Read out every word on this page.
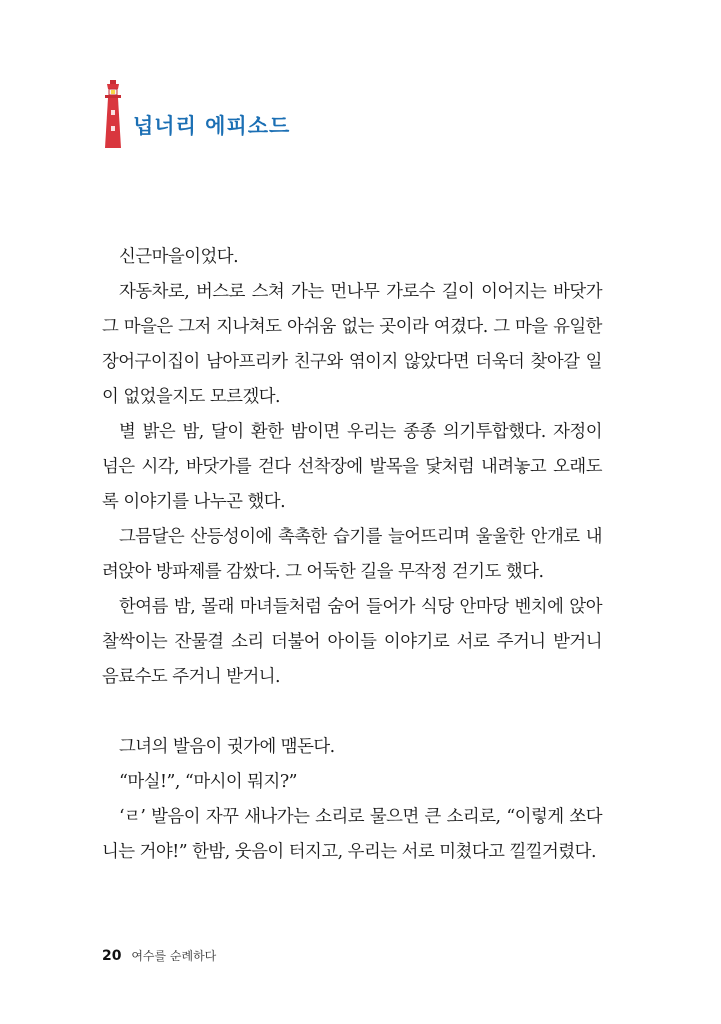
넙너리 에피소드

신근마을이었다.

자동차로, 버스로 스쳐 가는 먼나무 가로수 길이 이어지는 바닷가 그 마을은 그저 지나쳐도 아쉬움 없는 곳이라 여겼다. 그 마을 유일한 장어구이집이 남아프리카 친구와 엮이지 않았다면 더욱더 찾아갈 일이 없었을지도 모르겠다.

별 밝은 밤, 달이 환한 밤이면 우리는 종종 의기투합했다. 자정이 넘은 시각, 바닷가를 걷다 선착장에 발목을 닻처럼 내려놓고 오래도록 이야기를 나누곤 했다.

그믐달은 산등성이에 촉촉한 습기를 늘어뜨리며 울울한 안개로 내려앉아 방파제를 감쌌다. 그 어둑한 길을 무작정 걷기도 했다.

한여름 밤, 몰래 마녀들처럼 숨어 들어가 식당 안마당 벤치에 앉아 찰싹이는 잔물결 소리 더불어 아이들 이야기로 서로 주거니 받거니 음료수도 주거니 받거니.

그녀의 발음이 귓가에 맴돈다.

“마실!”, “마시이 뭐지?”

‘ㄹ’ 발음이 자꾸 새나가는 소리로 물으면 큰 소리로, “이렇게 쏘다니는 거야!” 한밤, 웃음이 터지고, 우리는 서로 미쳤다고 낄낄거렸다.

20 여수를 순례하다
